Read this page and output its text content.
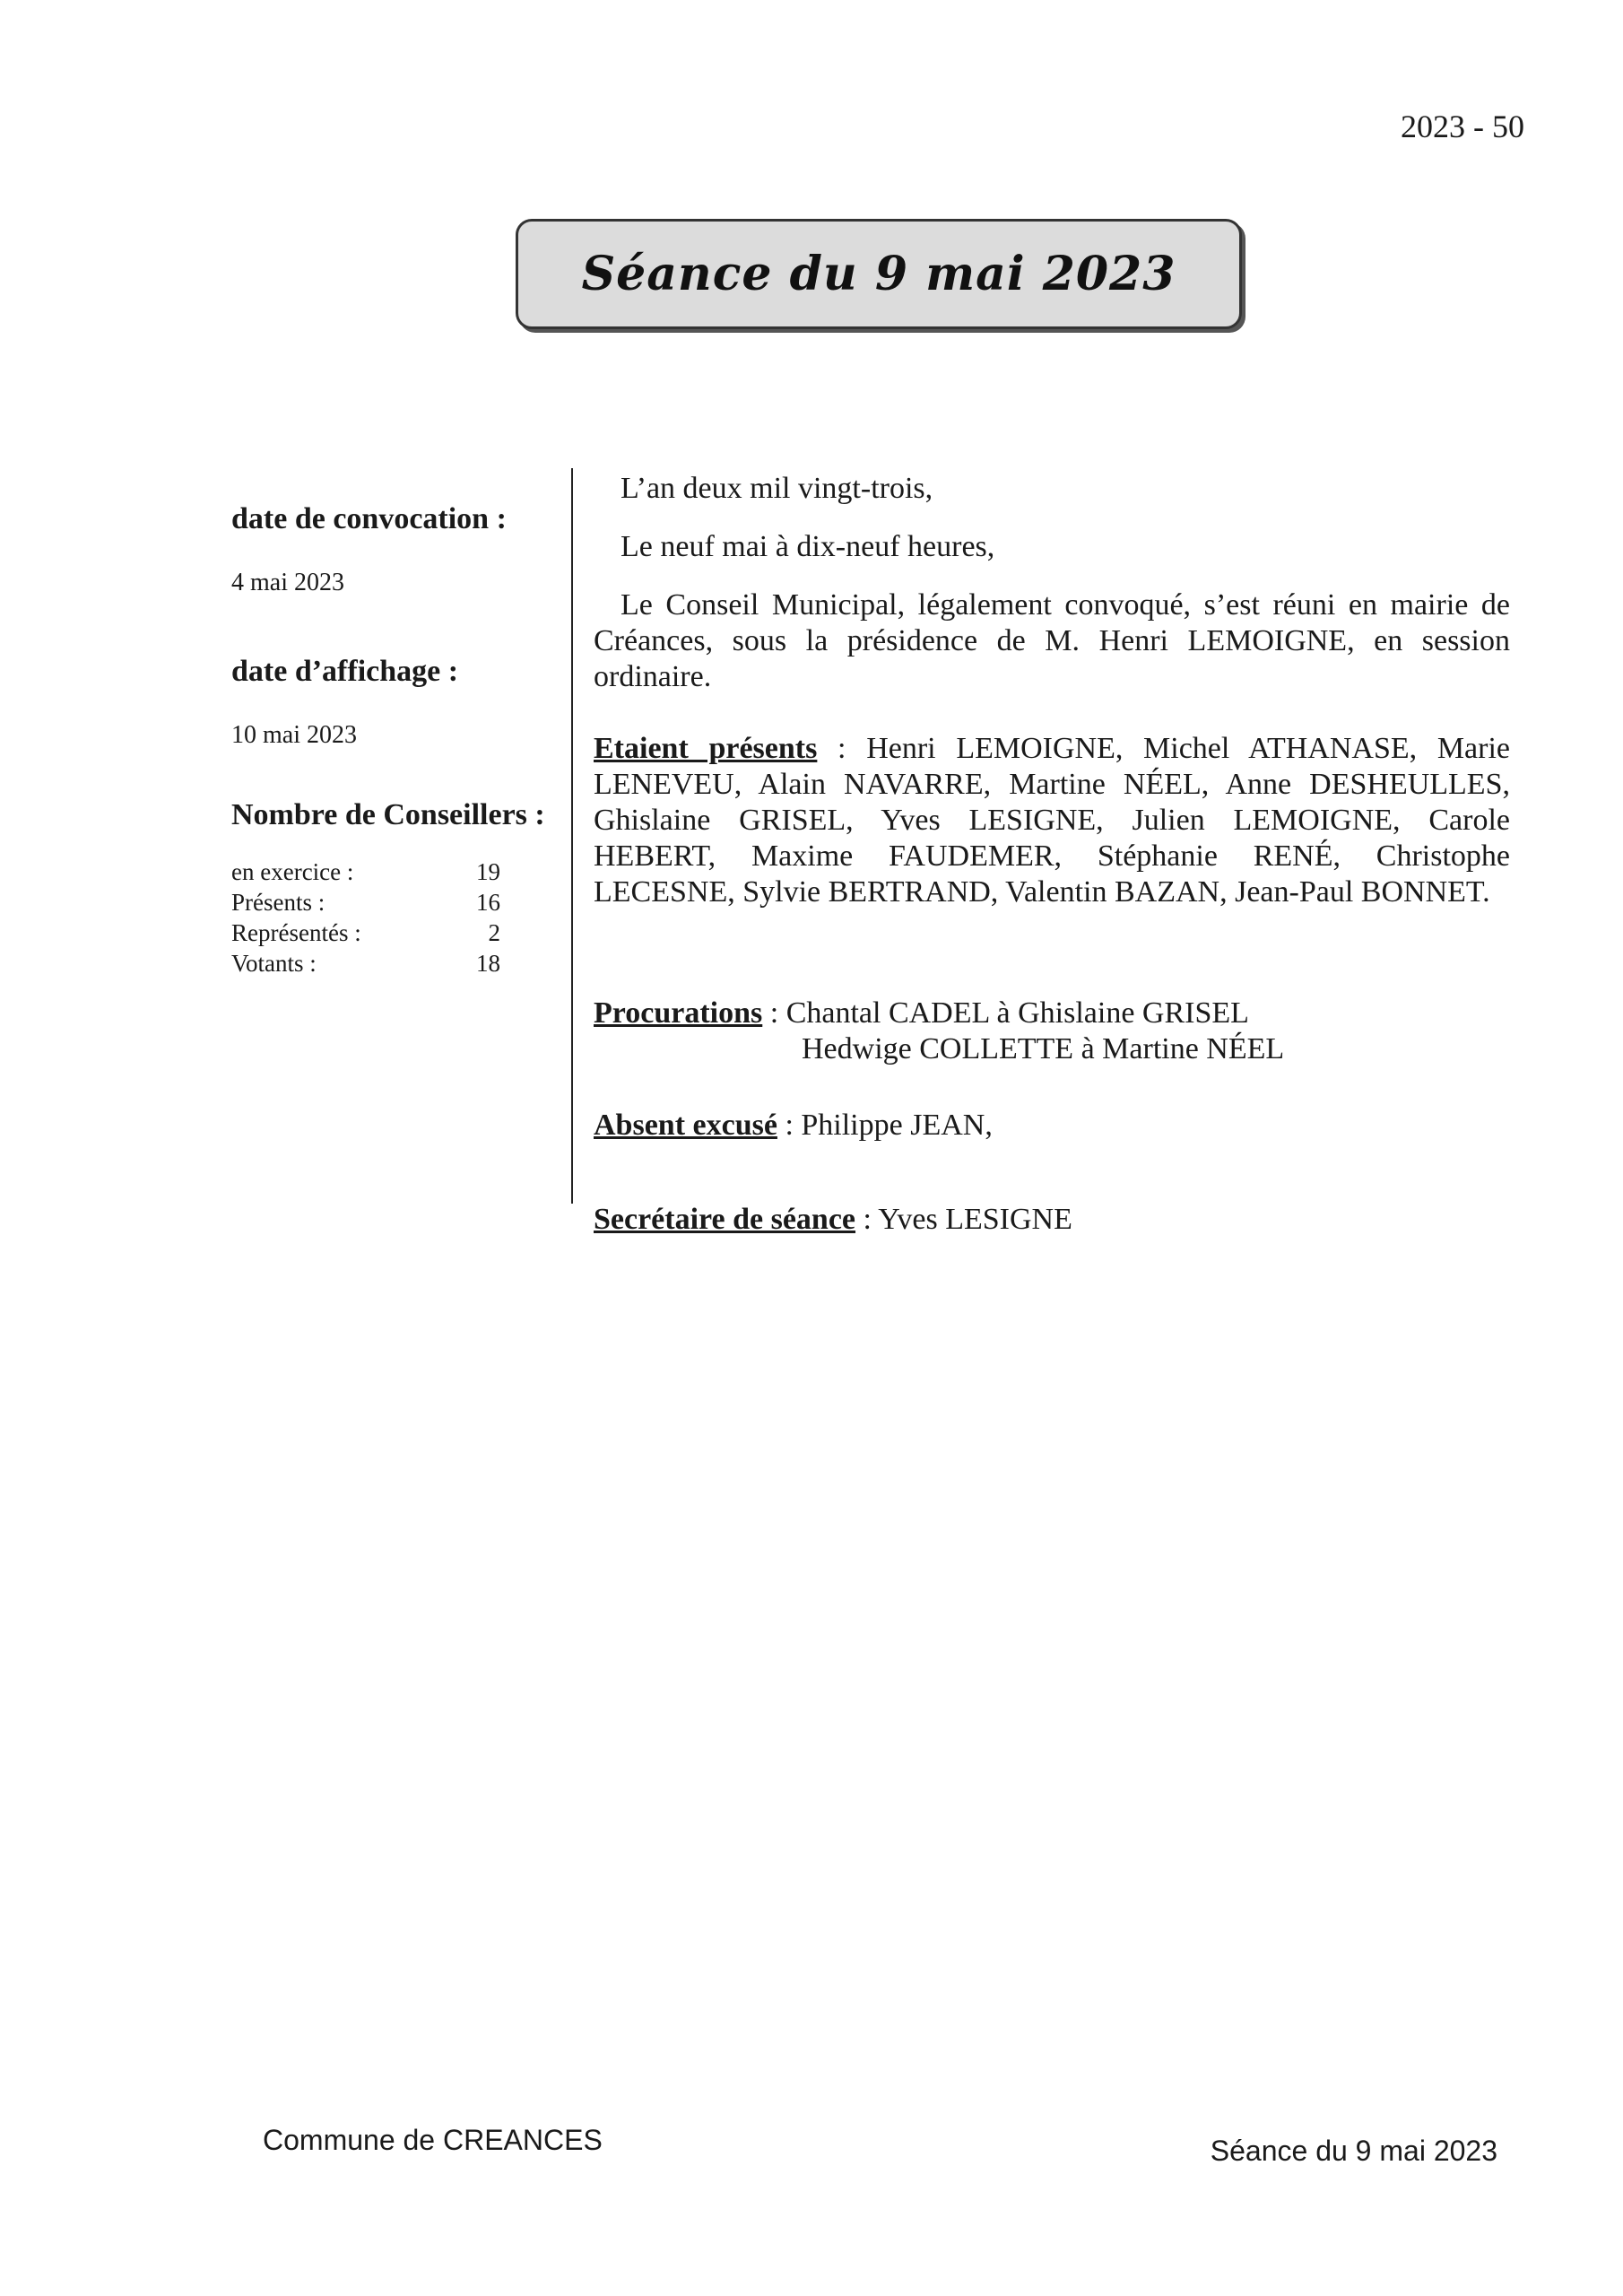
2023 - 50
Séance du 9 mai 2023

date de convocation :

4 mai 2023

date d’affichage :

10 mai 2023

Nombre de Conseillers :

en exercice :	19
Présents :	16
Représentés :	2
Votants :	18

L’an deux mil vingt-trois,

Le neuf mai à dix-neuf heures,

Le Conseil Municipal, légalement convoqué, s’est réuni en mairie de Créances, sous la présidence de M. Henri LEMOIGNE, en session ordinaire.

Etaient présents : Henri LEMOIGNE, Michel ATHANASE, Marie LENEVEU, Alain NAVARRE, Martine NÉEL, Anne DESHEULLES, Ghislaine GRISEL, Yves LESIGNE, Julien LEMOIGNE, Carole HEBERT, Maxime FAUDEMER, Stéphanie RENÉ, Christophe LECESNE, Sylvie BERTRAND, Valentin BAZAN, Jean-Paul BONNET.

Procurations : Chantal CADEL à Ghislaine GRISEL

Hedwige COLLETTE à Martine NÉEL

Absent excusé : Philippe JEAN,

Secrétaire de séance : Yves LESIGNE

Commune de CREANCES	Séance du 9 mai 2023
